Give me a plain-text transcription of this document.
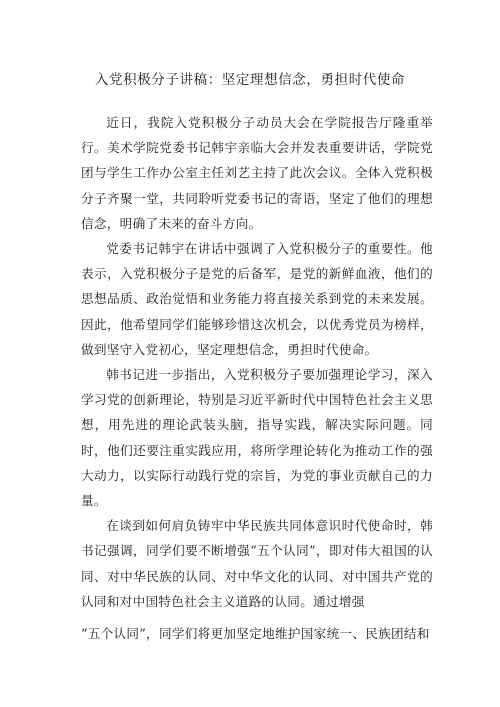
入党积极分子讲稿：坚定理想信念，勇担时代使命

近日，我院入党积极分子动员大会在学院报告厅隆重举行。美术学院党委书记韩宇亲临大会并发表重要讲话，学院党团与学生工作办公室主任刘艺主持了此次会议。全体入党积极分子齐聚一堂，共同聆听党委书记的寄语，坚定了他们的理想信念，明确了未来的奋斗方向。

党委书记韩宇在讲话中强调了入党积极分子的重要性。他表示，入党积极分子是党的后备军，是党的新鲜血液，他们的思想品质、政治觉悟和业务能力将直接关系到党的未来发展。因此，他希望同学们能够珍惜这次机会，以优秀党员为榜样，做到坚守入党初心，坚定理想信念，勇担时代使命。

韩书记进一步指出，入党积极分子要加强理论学习，深入学习党的创新理论，特别是习近平新时代中国特色社会主义思想，用先进的理论武装头脑，指导实践，解决实际问题。同时，他们还要注重实践应用，将所学理论转化为推动工作的强大动力，以实际行动践行党的宗旨，为党的事业贡献自己的力量。

在谈到如何肩负铸牢中华民族共同体意识时代使命时，韩书记强调，同学们要不断增强“五个认同”，即对伟大祖国的认同、对中华民族的认同、对中华文化的认同、对中国共产党的认同和对中国特色社会主义道路的认同。通过增强

“五个认同”，同学们将更加坚定地维护国家统一、民族团结和
